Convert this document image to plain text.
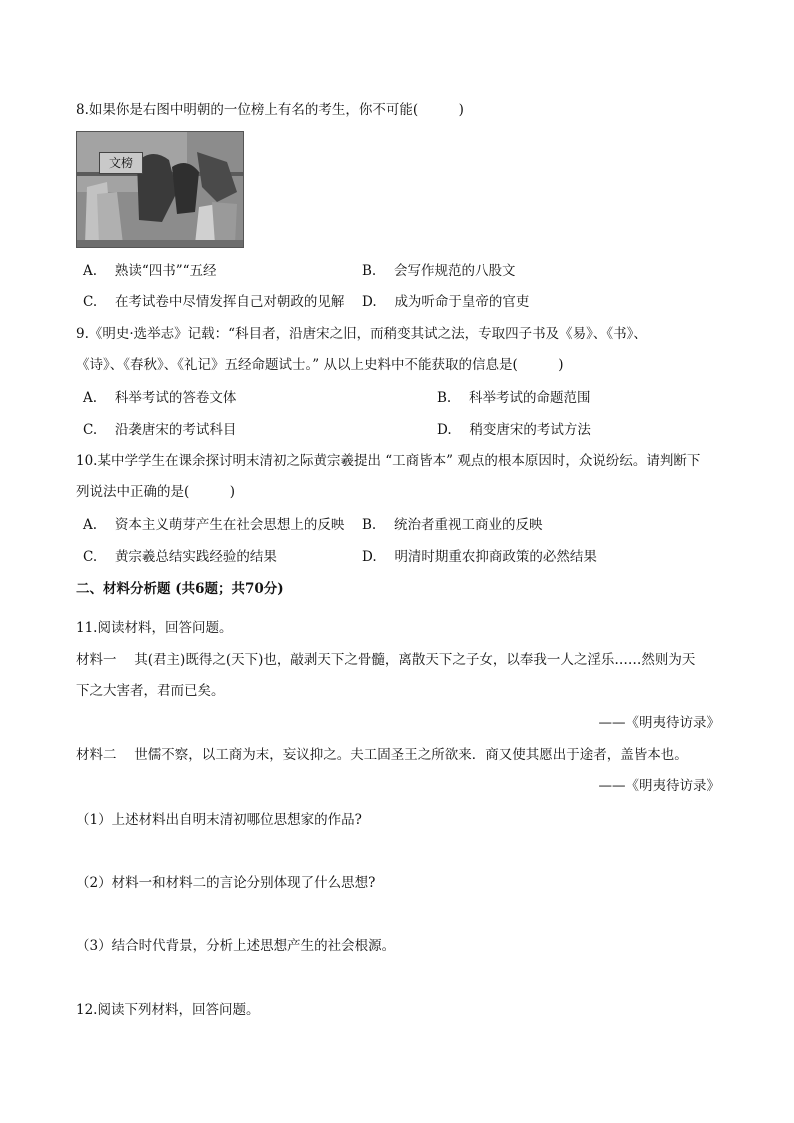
8.如果你是右图中明朝的一位榜上有名的考生，你不可能(　　　)
文榜
A.　 熟读“四书”“五经	B.　 会写作规范的八股文
C.　 在考试卷中尽情发挥自己对朝政的见解 D.　 成为听命于皇帝的官吏
9.《明史·选举志》记载：“科目者，沿唐宋之旧，而稍变其试之法，专取四子书及《易》、《书》、
《诗》、《春秋》、《礼记》五经命题试士。” 从以上史料中不能获取的信息是(　　　)
A.　 科举考试的答卷文体	B.　 科举考试的命题范围
C.　 沿袭唐宋的考试科目	D.　 稍变唐宋的考试方法
10.某中学学生在课余探讨明末清初之际黄宗羲提出 “工商皆本” 观点的根本原因时，众说纷纭。请判断下
列说法中正确的是(　　　)
A.　 资本主义萌芽产生在社会思想上的反映 B.　 统治者重视工商业的反映
C.　 黄宗羲总结实践经验的结果	D.　 明清时期重农抑商政策的必然结果
二、材料分析题 (共6题；共70分)
11.阅读材料，回答问题。
材料一　 其(君主)既得之(天下)也，敲剥天下之骨髓，离散天下之子女，以奉我一人之淫乐……然则为天
下之大害者，君而已矣。
——《明夷待访录》
材料二　 世儒不察，以工商为末，妄议抑之。夫工固圣王之所欲来．商又使其愿出于途者，盖皆本也。
——《明夷待访录》
（1）上述材料出自明末清初哪位思想家的作品?
（2）材料一和材料二的言论分别体现了什么思想?
（3）结合时代背景，分析上述思想产生的社会根源。
12.阅读下列材料，回答问题。
